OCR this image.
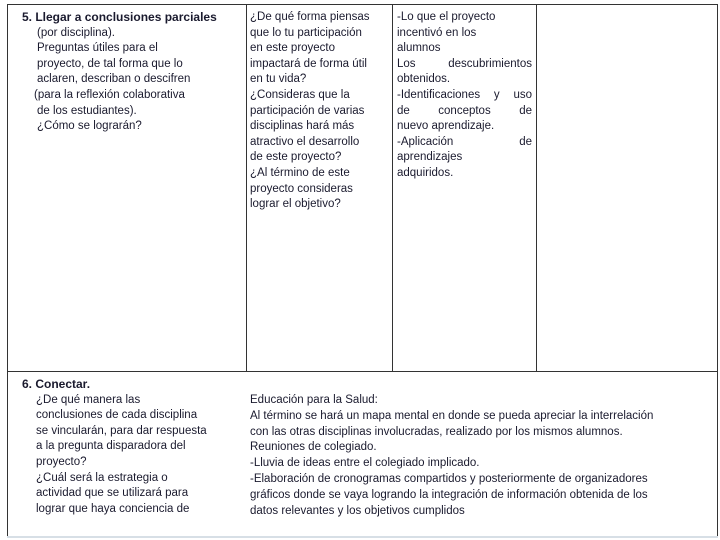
5. Llegar a conclusiones parciales

(por disciplina).

Preguntas útiles para el

proyecto, de tal forma que lo

aclaren, describan o descifren

(para la reflexión colaborativa

de los estudiantes).

¿Cómo se lograrán?

¿De qué forma piensas

que lo tu participación

en este proyecto

impactará de forma útil

en tu vida?

¿Consideras que la

participación de varias

disciplinas hará más

atractivo el desarrollo

de este proyecto?

¿Al término de este

proyecto consideras

lograr el objetivo?

-Lo que el proyecto

incentivó en los

alumnos

Los descubrimientos

obtenidos.

-Identificaciones y uso

de conceptos de

nuevo aprendizaje.

-Aplicación de

aprendizajes

adquiridos.

6. Conectar.

¿De qué manera las

conclusiones de cada disciplina

se vincularán, para dar respuesta

a la pregunta disparadora del

proyecto?

¿Cuál será la estrategia o

actividad que se utilizará para

lograr que haya conciencia de

Educación para la Salud:

Al término se hará un mapa mental en donde se pueda apreciar la interrelación

con las otras disciplinas involucradas, realizado por los mismos alumnos.

Reuniones de colegiado.

-Lluvia de ideas entre el colegiado implicado.

-Elaboración de cronogramas compartidos y posteriormente de organizadores

gráficos donde se vaya logrando la integración de información obtenida de los

datos relevantes y los objetivos cumplidos
